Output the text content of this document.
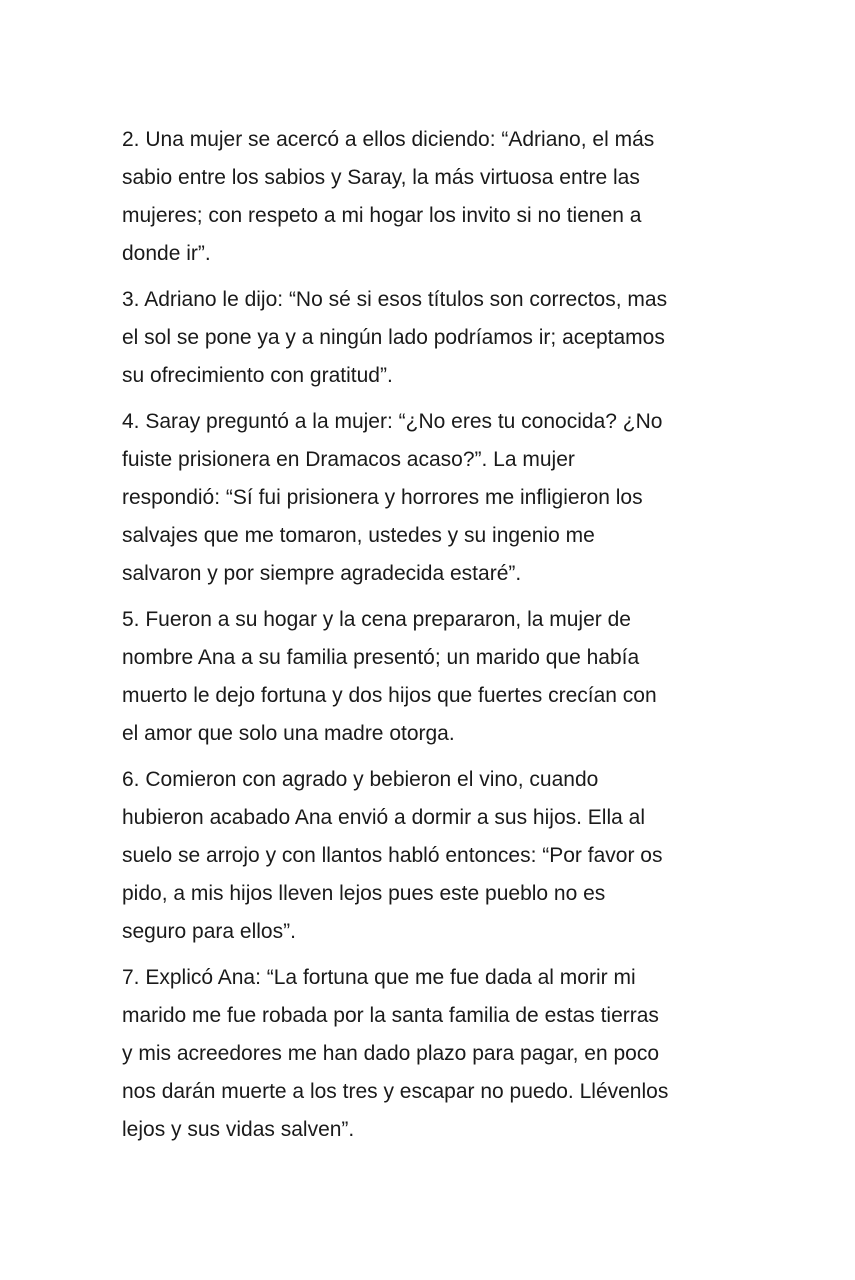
2. Una mujer se acercó a ellos diciendo: “Adriano, el más
sabio entre los sabios y Saray, la más virtuosa entre las
mujeres; con respeto a mi hogar los invito si no tienen a
donde ir”.

3. Adriano le dijo: “No sé si esos títulos son correctos, mas
el sol se pone ya y a ningún lado podríamos ir; aceptamos
su ofrecimiento con gratitud”.

4. Saray preguntó a la mujer: “¿No eres tu conocida? ¿No
fuiste prisionera en Dramacos acaso?”. La mujer
respondió: “Sí fui prisionera y horrores me infligieron los
salvajes que me tomaron, ustedes y su ingenio me
salvaron y por siempre agradecida estaré”.

5. Fueron a su hogar y la cena prepararon, la mujer de
nombre Ana a su familia presentó; un marido que había
muerto le dejo fortuna y dos hijos que fuertes crecían con
el amor que solo una madre otorga.

6. Comieron con agrado y bebieron el vino, cuando
hubieron acabado Ana envió a dormir a sus hijos. Ella al
suelo se arrojo y con llantos habló entonces: “Por favor os
pido, a mis hijos lleven lejos pues este pueblo no es
seguro para ellos”.

7. Explicó Ana: “La fortuna que me fue dada al morir mi
marido me fue robada por la santa familia de estas tierras
y mis acreedores me han dado plazo para pagar, en poco
nos darán muerte a los tres y escapar no puedo. Llévenlos
lejos y sus vidas salven”.
